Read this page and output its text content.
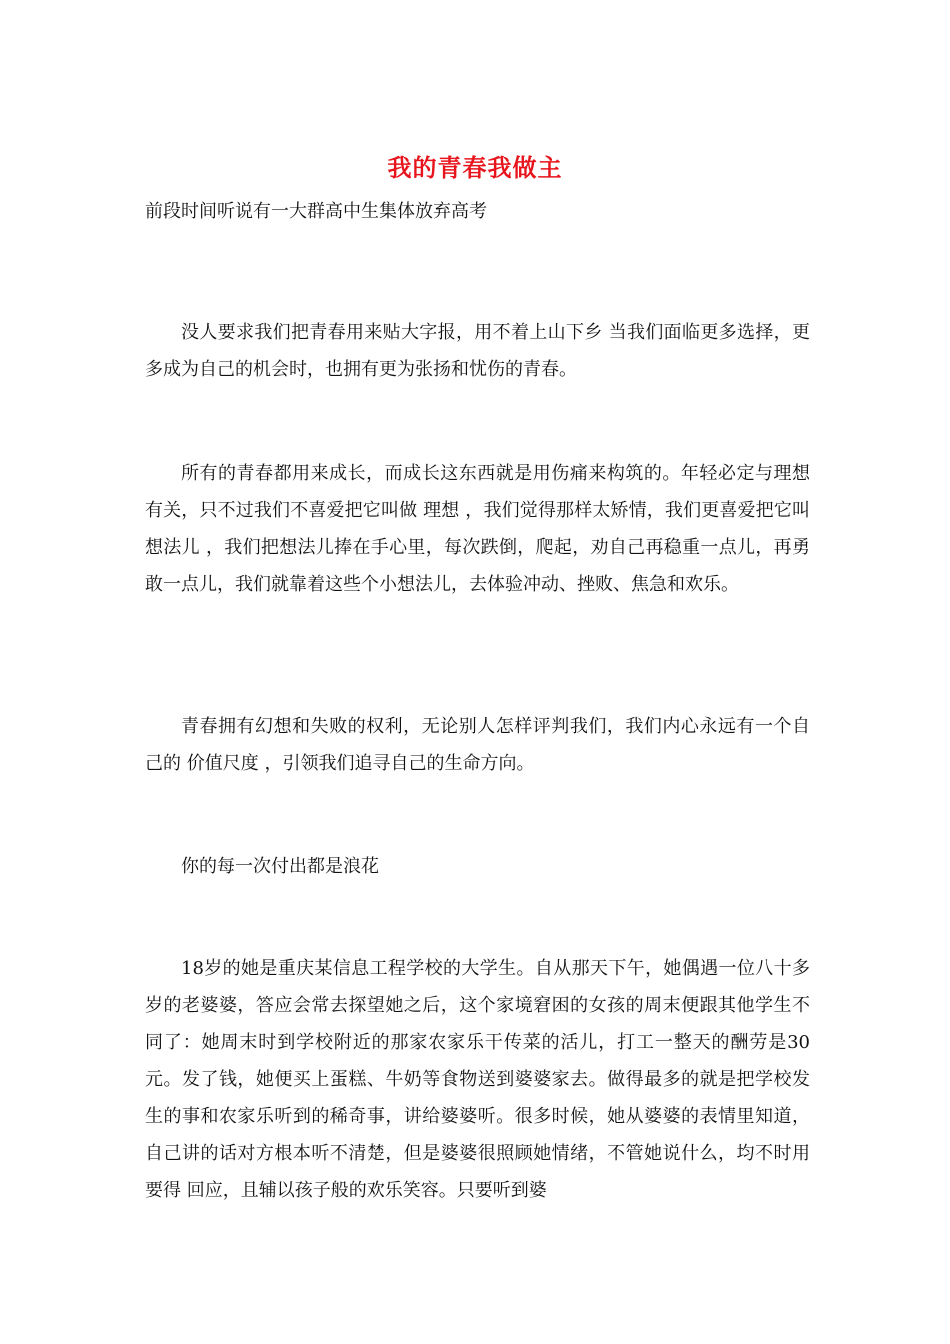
我的青春我做主
前段时间听说有一大群高中生集体放弃高考

没人要求我们把青春用来贴大字报，用不着上山下乡 当我们面临更多选择，更多成为自己的机会时，也拥有更为张扬和忧伤的青春。

所有的青春都用来成长，而成长这东西就是用伤痛来构筑的。年轻必定与理想有关，只不过我们不喜爱把它叫做 理想 ，我们觉得那样太矫情，我们更喜爱把它叫 想法儿 ，我们把想法儿捧在手心里，每次跌倒，爬起，劝自己再稳重一点儿，再勇敢一点儿，我们就靠着这些个小想法儿，去体验冲动、挫败、焦急和欢乐。

青春拥有幻想和失败的权利，无论别人怎样评判我们，我们内心永远有一个自己的 价值尺度 ，引领我们追寻自己的生命方向。

你的每一次付出都是浪花

18岁的她是重庆某信息工程学校的大学生。自从那天下午，她偶遇一位八十多岁的老婆婆，答应会常去探望她之后，这个家境窘困的女孩的周末便跟其他学生不同了：她周末时到学校附近的那家农家乐干传菜的活儿，打工一整天的酬劳是30元。发了钱，她便买上蛋糕、牛奶等食物送到婆婆家去。做得最多的就是把学校发生的事和农家乐听到的稀奇事，讲给婆婆听。很多时候，她从婆婆的表情里知道，自己讲的话对方根本听不清楚，但是婆婆很照顾她情绪，不管她说什么，均不时用 要得 回应，且辅以孩子般的欢乐笑容。只要听到婆
